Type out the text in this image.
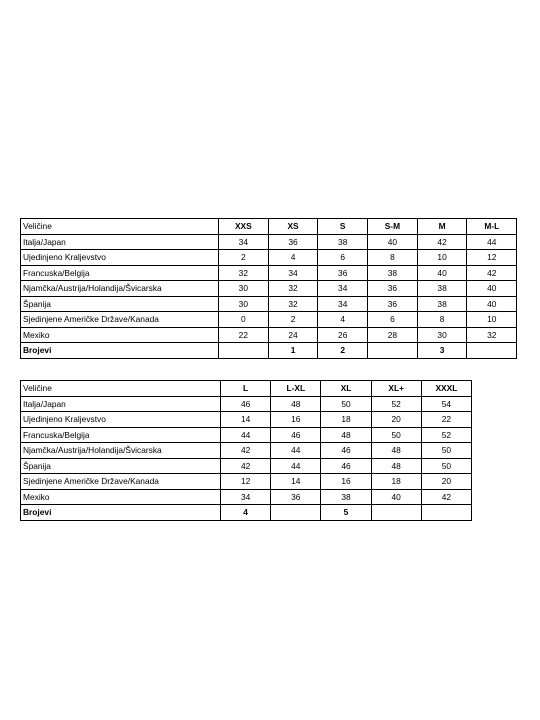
Veličine	XXS	XS	S	S-M	M	M-L
Italja/Japan	34	36	38	40	42	44
Ujedinjeno Kraljevstvo	2	4	6	8	10	12
Francuska/Belgija	32	34	36	38	40	42
Njamčka/Austrija/Holandija/Švicarska	30	32	34	36	38	40
Španija	30	32	34	36	38	40
Sjedinjene Američke Države/Kanada	0	2	4	6	8	10
Mexiko	22	24	26	28	30	32
Brojevi		1	2		3	
Veličine	L	L-XL	XL	XL+	XXXL
Italja/Japan	46	48	50	52	54
Ujedinjeno Kraljevstvo	14	16	18	20	22
Francuska/Belgija	44	46	48	50	52
Njamčka/Austrija/Holandija/Švicarska	42	44	46	48	50
Španija	42	44	46	48	50
Sjedinjene Američke Države/Kanada	12	14	16	18	20
Mexiko	34	36	38	40	42
Brojevi	4		5		
